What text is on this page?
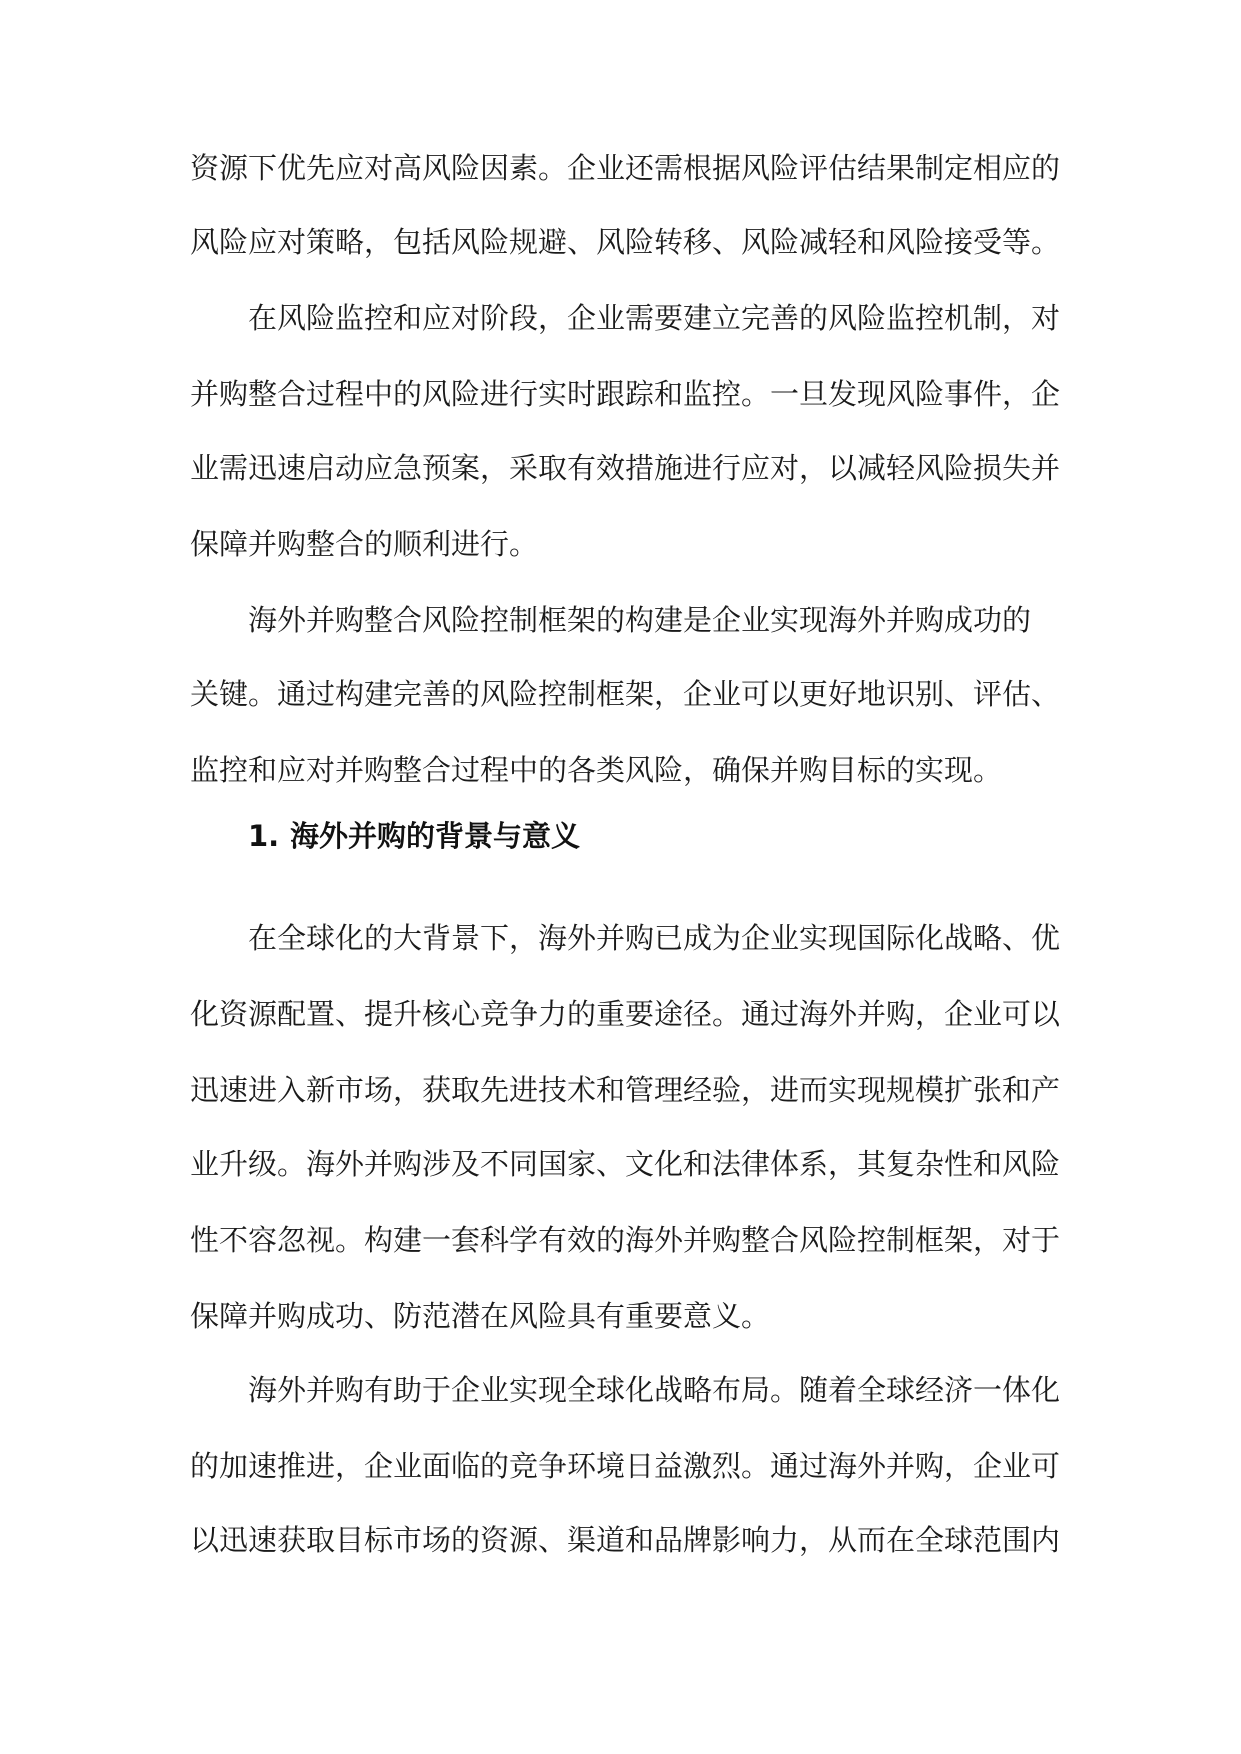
资源下优先应对高风险因素。企业还需根据风险评估结果制定相应的
风险应对策略，包括风险规避、风险转移、风险减轻和风险接受等。
在风险监控和应对阶段，企业需要建立完善的风险监控机制，对
并购整合过程中的风险进行实时跟踪和监控。一旦发现风险事件，企
业需迅速启动应急预案，采取有效措施进行应对，以减轻风险损失并
保障并购整合的顺利进行。
海外并购整合风险控制框架的构建是企业实现海外并购成功的
关键。通过构建完善的风险控制框架，企业可以更好地识别、评估、
监控和应对并购整合过程中的各类风险，确保并购目标的实现。
1. 海外并购的背景与意义
在全球化的大背景下，海外并购已成为企业实现国际化战略、优
化资源配置、提升核心竞争力的重要途径。通过海外并购，企业可以
迅速进入新市场，获取先进技术和管理经验，进而实现规模扩张和产
业升级。海外并购涉及不同国家、文化和法律体系，其复杂性和风险
性不容忽视。构建一套科学有效的海外并购整合风险控制框架，对于
保障并购成功、防范潜在风险具有重要意义。
海外并购有助于企业实现全球化战略布局。随着全球经济一体化
的加速推进，企业面临的竞争环境日益激烈。通过海外并购，企业可
以迅速获取目标市场的资源、渠道和品牌影响力，从而在全球范围内
